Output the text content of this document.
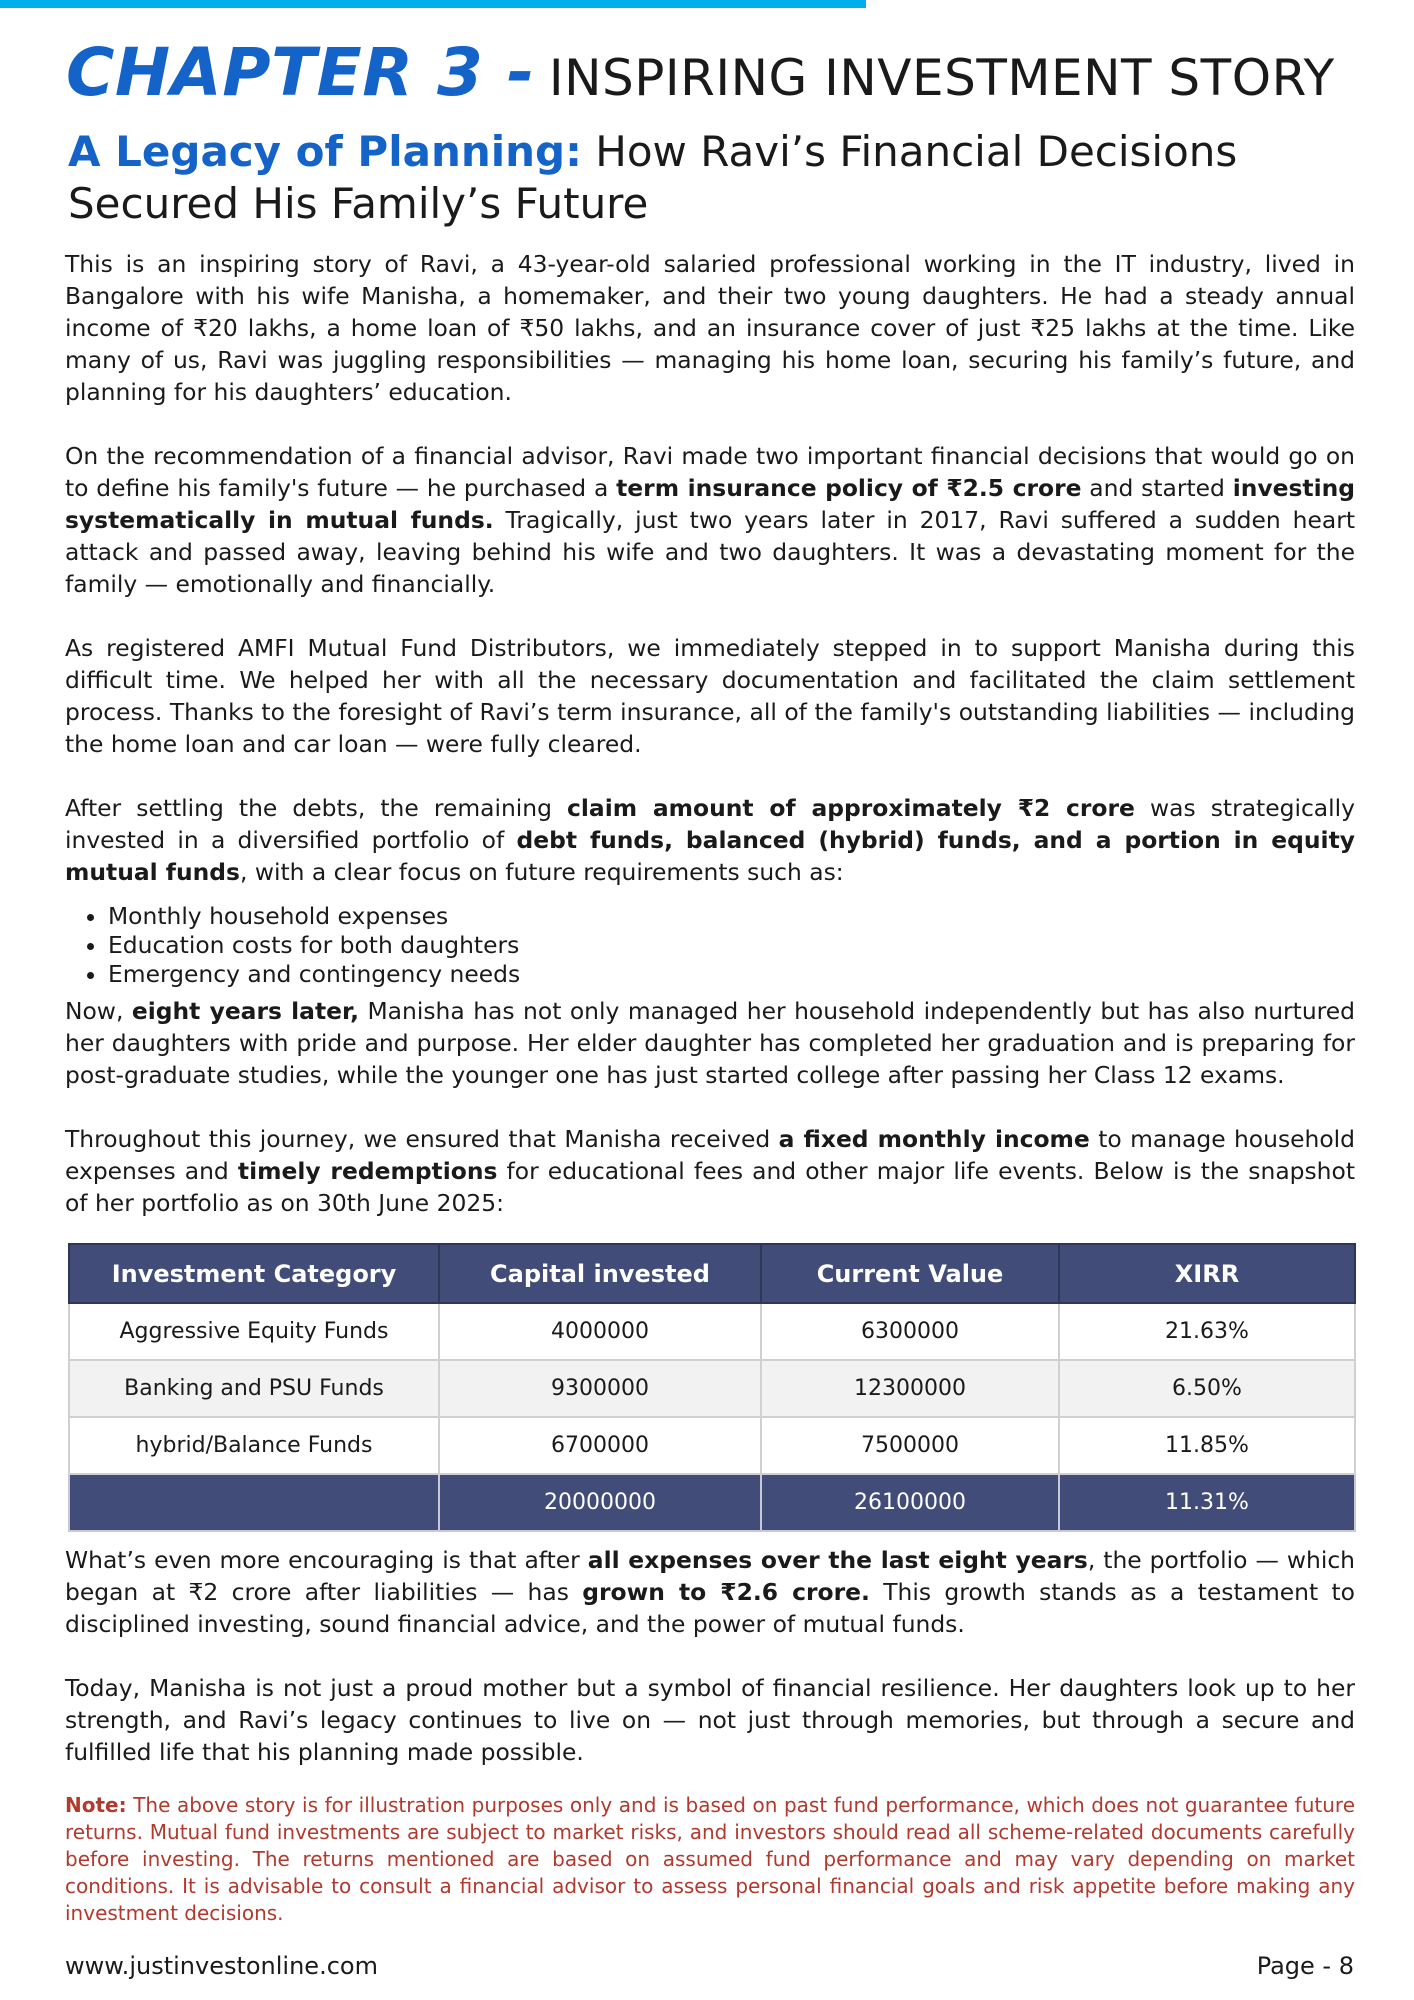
CHAPTER 3 - INSPIRING INVESTMENT STORY
A Legacy of Planning: How Ravi’s Financial Decisions Secured His Family’s Future

This is an inspiring story of Ravi, a 43-year-old salaried professional working in the IT industry, lived in Bangalore with his wife Manisha, a homemaker, and their two young daughters. He had a steady annual income of ₹20 lakhs, a home loan of ₹50 lakhs, and an insurance cover of just ₹25 lakhs at the time. Like many of us, Ravi was juggling responsibilities — managing his home loan, securing his family’s future, and planning for his daughters’ education.

On the recommendation of a financial advisor, Ravi made two important financial decisions that would go on to define his family's future — he purchased a term insurance policy of ₹2.5 crore and started investing systematically in mutual funds. Tragically, just two years later in 2017, Ravi suffered a sudden heart attack and passed away, leaving behind his wife and two daughters. It was a devastating moment for the family — emotionally and financially.

As registered AMFI Mutual Fund Distributors, we immediately stepped in to support Manisha during this difficult time. We helped her with all the necessary documentation and facilitated the claim settlement process. Thanks to the foresight of Ravi’s term insurance, all of the family's outstanding liabilities — including the home loan and car loan — were fully cleared.

After settling the debts, the remaining claim amount of approximately ₹2 crore was strategically invested in a diversified portfolio of debt funds, balanced (hybrid) funds, and a portion in equity mutual funds, with a clear focus on future requirements such as:

• Monthly household expenses
• Education costs for both daughters
• Emergency and contingency needs

Now, eight years later, Manisha has not only managed her household independently but has also nurtured her daughters with pride and purpose. Her elder daughter has completed her graduation and is preparing for post-graduate studies, while the younger one has just started college after passing her Class 12 exams.

Throughout this journey, we ensured that Manisha received a fixed monthly income to manage household expenses and timely redemptions for educational fees and other major life events. Below is the snapshot of her portfolio as on 30th June 2025:

Investment Category	Capital invested	Current Value	XIRR
Aggressive Equity Funds	4000000	6300000	21.63%
Banking and PSU Funds	9300000	12300000	6.50%
hybrid/Balance Funds	6700000	7500000	11.85%
	20000000	26100000	11.31%

What’s even more encouraging is that after all expenses over the last eight years, the portfolio — which began at ₹2 crore after liabilities — has grown to ₹2.6 crore. This growth stands as a testament to disciplined investing, sound financial advice, and the power of mutual funds.

Today, Manisha is not just a proud mother but a symbol of financial resilience. Her daughters look up to her strength, and Ravi’s legacy continues to live on — not just through memories, but through a secure and fulfilled life that his planning made possible.

Note: The above story is for illustration purposes only and is based on past fund performance, which does not guarantee future returns. Mutual fund investments are subject to market risks, and investors should read all scheme-related documents carefully before investing. The returns mentioned are based on assumed fund performance and may vary depending on market conditions. It is advisable to consult a financial advisor to assess personal financial goals and risk appetite before making any investment decisions.
www.justinvestonline.com	Page - 8
